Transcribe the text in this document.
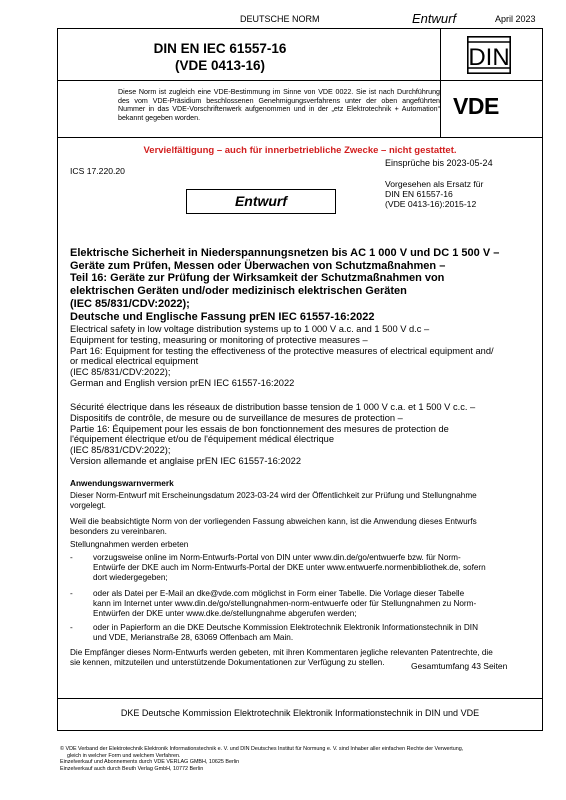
DEUTSCHE NORM	Entwurf	April 2023
DIN EN IEC 61557-16
(VDE 0413-16)	DIN
Diese Norm ist zugleich eine VDE-Bestimmung im Sinne von VDE 0022. Sie ist nach Durchführung des vom VDE-Präsidium beschlossenen Genehmigungsverfahrens unter der oben angeführten Nummer in das VDE-Vorschriftenwerk aufgenommen und in der „etz Elektrotechnik + Automation“ bekannt gegeben worden.	VDE
Vervielfältigung – auch für innerbetriebliche Zwecke – nicht gestattet.
Einsprüche bis 2023-05-24
ICS 17.220.20
Vorgesehen als Ersatz für
DIN EN 61557-16
(VDE 0413-16):2015-12
Entwurf
Elektrische Sicherheit in Niederspannungsnetzen bis AC 1 000 V und DC 1 500 V –
Geräte zum Prüfen, Messen oder Überwachen von Schutzmaßnahmen –
Teil 16: Geräte zur Prüfung der Wirksamkeit der Schutzmaßnahmen von
elektrischen Geräten und/oder medizinisch elektrischen Geräten
(IEC 85/831/CDV:2022);
Deutsche und Englische Fassung prEN IEC 61557-16:2022
Electrical safety in low voltage distribution systems up to 1 000 V a.c. and 1 500 V d.c –
Equipment for testing, measuring or monitoring of protective measures –
Part 16: Equipment for testing the effectiveness of the protective measures of electrical equipment and/
or medical electrical equipment
(IEC 85/831/CDV:2022);
German and English version prEN IEC 61557-16:2022
Sécurité électrique dans les réseaux de distribution basse tension de 1 000 V c.a. et 1 500 V c.c. –
Dispositifs de contrôle, de mesure ou de surveillance de mesures de protection –
Partie 16: Équipement pour les essais de bon fonctionnement des mesures de protection de
l'équipement électrique et/ou de l'équipement médical électrique
(IEC 85/831/CDV:2022);
Version allemande et anglaise prEN IEC 61557-16:2022
Anwendungswarnvermerk
Dieser Norm-Entwurf mit Erscheinungsdatum 2023-03-24 wird der Öffentlichkeit zur Prüfung und Stellungnahme
vorgelegt.
Weil die beabsichtigte Norm von der vorliegenden Fassung abweichen kann, ist die Anwendung dieses Entwurfs
besonders zu vereinbaren.
Stellungnahmen werden erbeten
- vorzugsweise online im Norm-Entwurfs-Portal von DIN unter www.din.de/go/entwuerfe bzw. für Norm-
Entwürfe der DKE auch im Norm-Entwurfs-Portal der DKE unter www.entwuerfe.normenbibliothek.de, sofern
dort wiedergegeben;
- oder als Datei per E-Mail an dke@vde.com möglichst in Form einer Tabelle. Die Vorlage dieser Tabelle
kann im Internet unter www.din.de/go/stellungnahmen-norm-entwuerfe oder für Stellungnahmen zu Norm-
Entwürfen der DKE unter www.dke.de/stellungnahme abgerufen werden;
- oder in Papierform an die DKE Deutsche Kommission Elektrotechnik Elektronik Informationstechnik in DIN
und VDE, Merianstraße 28, 63069 Offenbach am Main.
Die Empfänger dieses Norm-Entwurfs werden gebeten, mit ihren Kommentaren jegliche relevanten Patentrechte, die
sie kennen, mitzuteilen und unterstützende Dokumentationen zur Verfügung zu stellen.	Gesamtumfang 43 Seiten
DKE Deutsche Kommission Elektrotechnik Elektronik Informationstechnik in DIN und VDE
© VDE Verband der Elektrotechnik Elektronik Informationstechnik e. V. und DIN Deutsches Institut für Normung e. V. sind Inhaber aller einfachen Rechte der Verwertung,
gleich in welcher Form und welchem Verfahren.
Einzelverkauf und Abonnements durch VDE VERLAG GMBH, 10625 Berlin
Einzelverkauf auch durch Beuth Verlag GmbH, 10772 Berlin
